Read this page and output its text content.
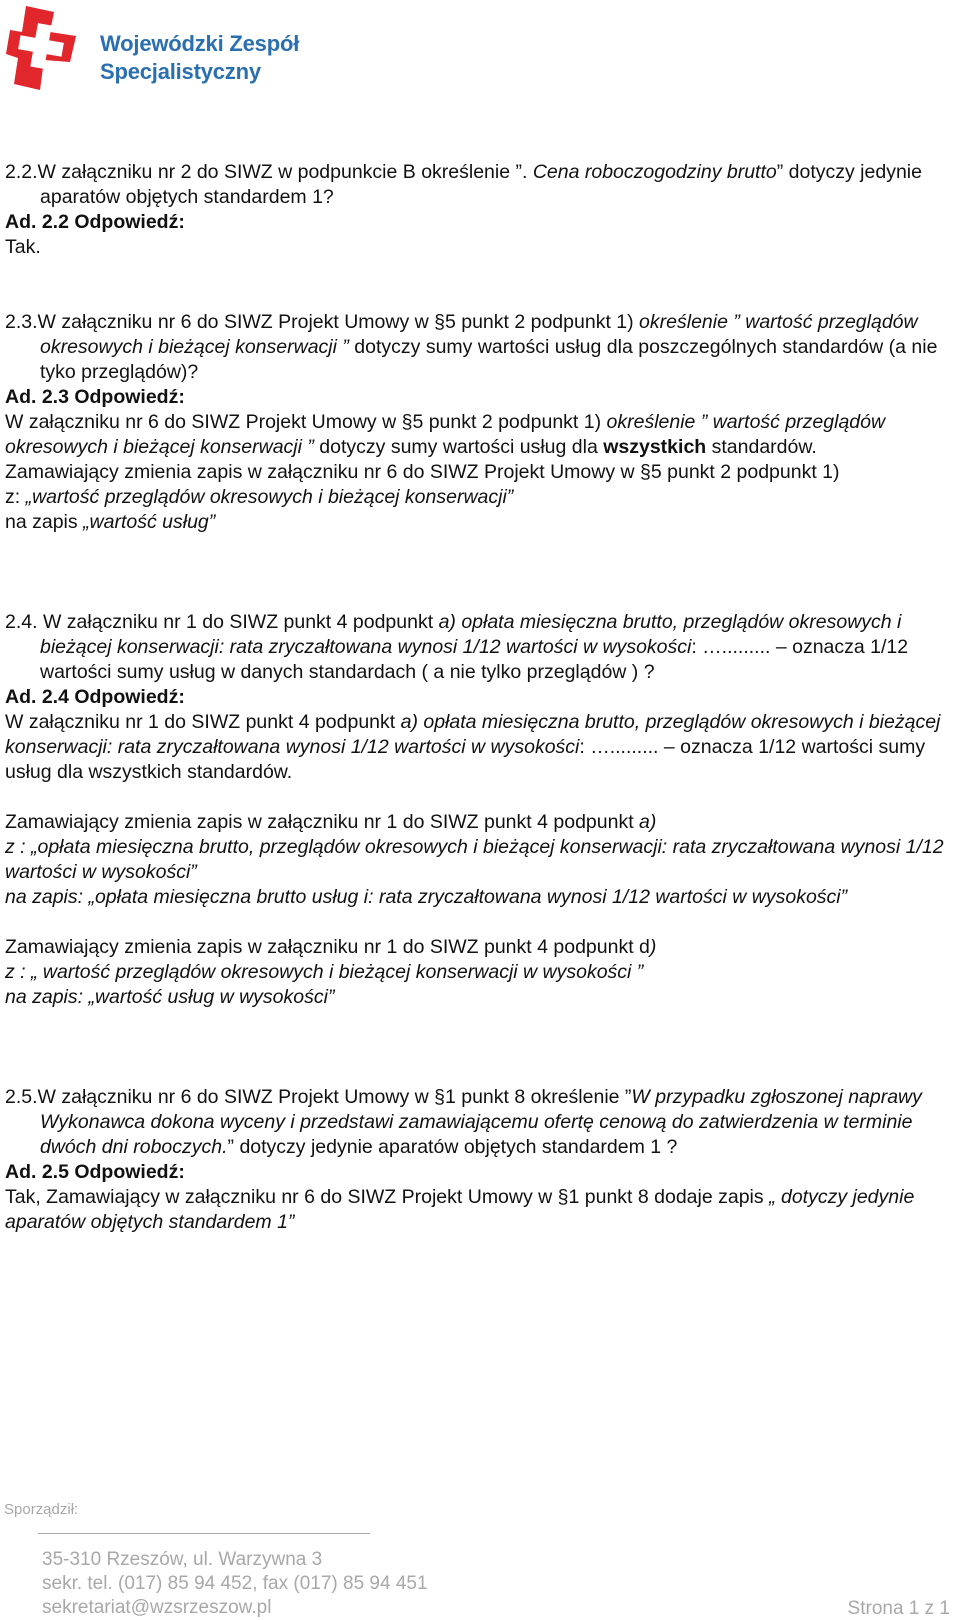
Wojewódzki Zespół
Specjalistyczny

2.2.W załączniku nr 2 do SIWZ w podpunkcie B określenie ”. Cena roboczogodziny brutto” dotyczy jedynie aparatów objętych standardem 1?

Ad. 2.2 Odpowiedź:

Tak.

2.3.W załączniku nr 6 do SIWZ Projekt Umowy w §5 punkt 2 podpunkt 1) określenie ” wartość przeglądów okresowych i bieżącej konserwacji ” dotyczy sumy wartości usług dla poszczególnych standardów (a nie tyko przeglądów)?

Ad. 2.3 Odpowiedź:

W załączniku nr 6 do SIWZ Projekt Umowy w §5 punkt 2 podpunkt 1) określenie ” wartość przeglądów okresowych i bieżącej konserwacji ” dotyczy sumy wartości usług dla wszystkich standardów.

Zamawiający zmienia zapis w załączniku nr 6 do SIWZ Projekt Umowy w §5 punkt 2 podpunkt 1)

z: „wartość przeglądów okresowych i bieżącej konserwacji”

na zapis „wartość usług”

2.4. W załączniku nr 1 do SIWZ punkt 4 podpunkt a) opłata miesięczna brutto, przeglądów okresowych i bieżącej konserwacji: rata zryczałtowana wynosi 1/12 wartości w wysokości: …......... – oznacza 1/12 wartości sumy usług w danych standardach ( a nie tylko przeglądów ) ?

Ad. 2.4 Odpowiedź:

W załączniku nr 1 do SIWZ punkt 4 podpunkt a) opłata miesięczna brutto, przeglądów okresowych i bieżącej konserwacji: rata zryczałtowana wynosi 1/12 wartości w wysokości: …......... – oznacza 1/12 wartości sumy usług dla wszystkich standardów.

Zamawiający zmienia zapis w załączniku nr 1 do SIWZ punkt 4 podpunkt a)

z : „opłata miesięczna brutto, przeglądów okresowych i bieżącej konserwacji: rata zryczałtowana wynosi 1/12 wartości w wysokości”

na zapis: „opłata miesięczna brutto usług i: rata zryczałtowana wynosi 1/12 wartości w wysokości”

Zamawiający zmienia zapis w załączniku nr 1 do SIWZ punkt 4 podpunkt d)

z : „ wartość przeglądów okresowych i bieżącej konserwacji w wysokości ”

na zapis: „wartość usług w wysokości”

2.5.W załączniku nr 6 do SIWZ Projekt Umowy w §1 punkt 8 określenie ”W przypadku zgłoszonej naprawy Wykonawca dokona wyceny i przedstawi zamawiającemu ofertę cenową do zatwierdzenia w terminie dwóch dni roboczych.” dotyczy jedynie aparatów objętych standardem 1 ?

Ad. 2.5 Odpowiedź:

Tak, Zamawiający w załączniku nr 6 do SIWZ Projekt Umowy w §1 punkt 8 dodaje zapis „ dotyczy jedynie aparatów objętych standardem 1”

Sporządził:
35-310 Rzeszów, ul. Warzywna 3
sekr. tel. (017) 85 94 452, fax (017) 85 94 451
sekretariat@wzsrzeszow.pl	Strona 1 z 1
